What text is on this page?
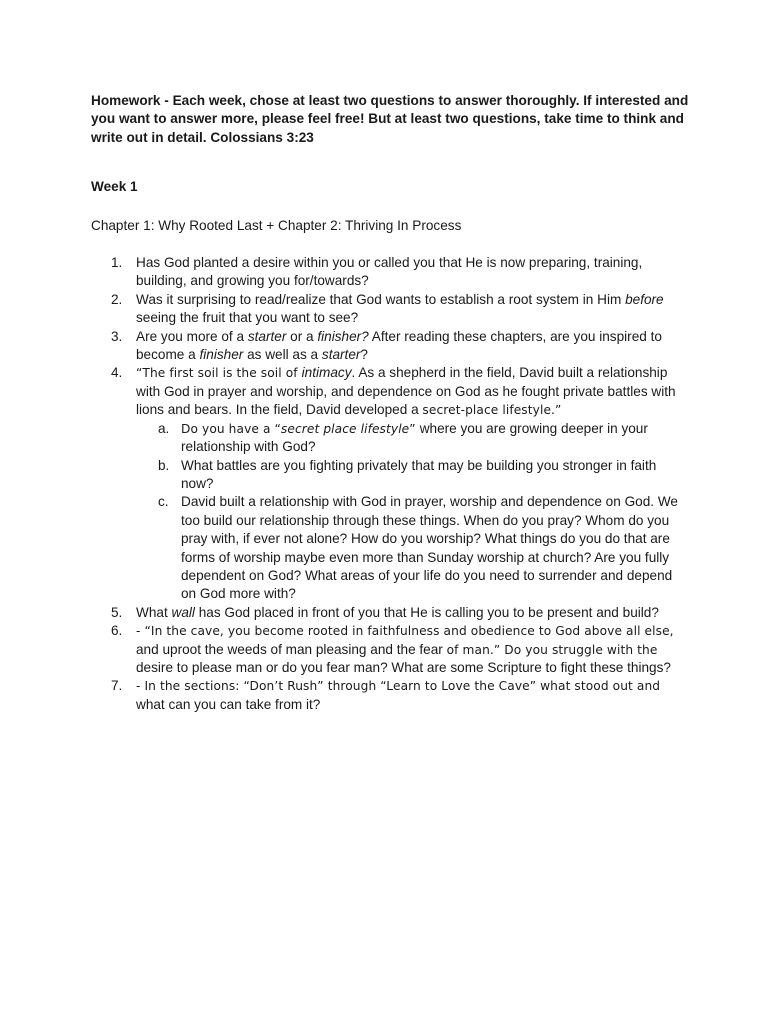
Homework - Each week, chose at least two questions to answer thoroughly. If interested and you want to answer more, please feel free! But at least two questions, take time to think and write out in detail. Colossians 3:23

Week 1

Chapter 1: Why Rooted Last + Chapter 2: Thriving In Process

1. Has God planted a desire within you or called you that He is now preparing, training, building, and growing you for/towards?
2. Was it surprising to read/realize that God wants to establish a root system in Him before seeing the fruit that you want to see?
3. Are you more of a starter or a finisher? After reading these chapters, are you inspired to become a finisher as well as a starter?
4. “The first soil is the soil of intimacy. As a shepherd in the field, David built a relationship with God in prayer and worship, and dependence on God as he fought private battles with lions and bears. In the field, David developed a secret-place lifestyle.”
a. Do you have a “secret place lifestyle” where you are growing deeper in your relationship with God?
b. What battles are you fighting privately that may be building you stronger in faith now?
c. David built a relationship with God in prayer, worship and dependence on God. We too build our relationship through these things. When do you pray? Whom do you pray with, if ever not alone? How do you worship? What things do you do that are forms of worship maybe even more than Sunday worship at church? Are you fully dependent on God? What areas of your life do you need to surrender and depend on God more with?
5. What wall has God placed in front of you that He is calling you to be present and build?
6. - “In the cave, you become rooted in faithfulness and obedience to God above all else, and uproot the weeds of man pleasing and the fear of man.” Do you struggle with the desire to please man or do you fear man? What are some Scripture to fight these things?
7. - In the sections: “Don’t Rush” through “Learn to Love the Cave” what stood out and what can you can take from it?
